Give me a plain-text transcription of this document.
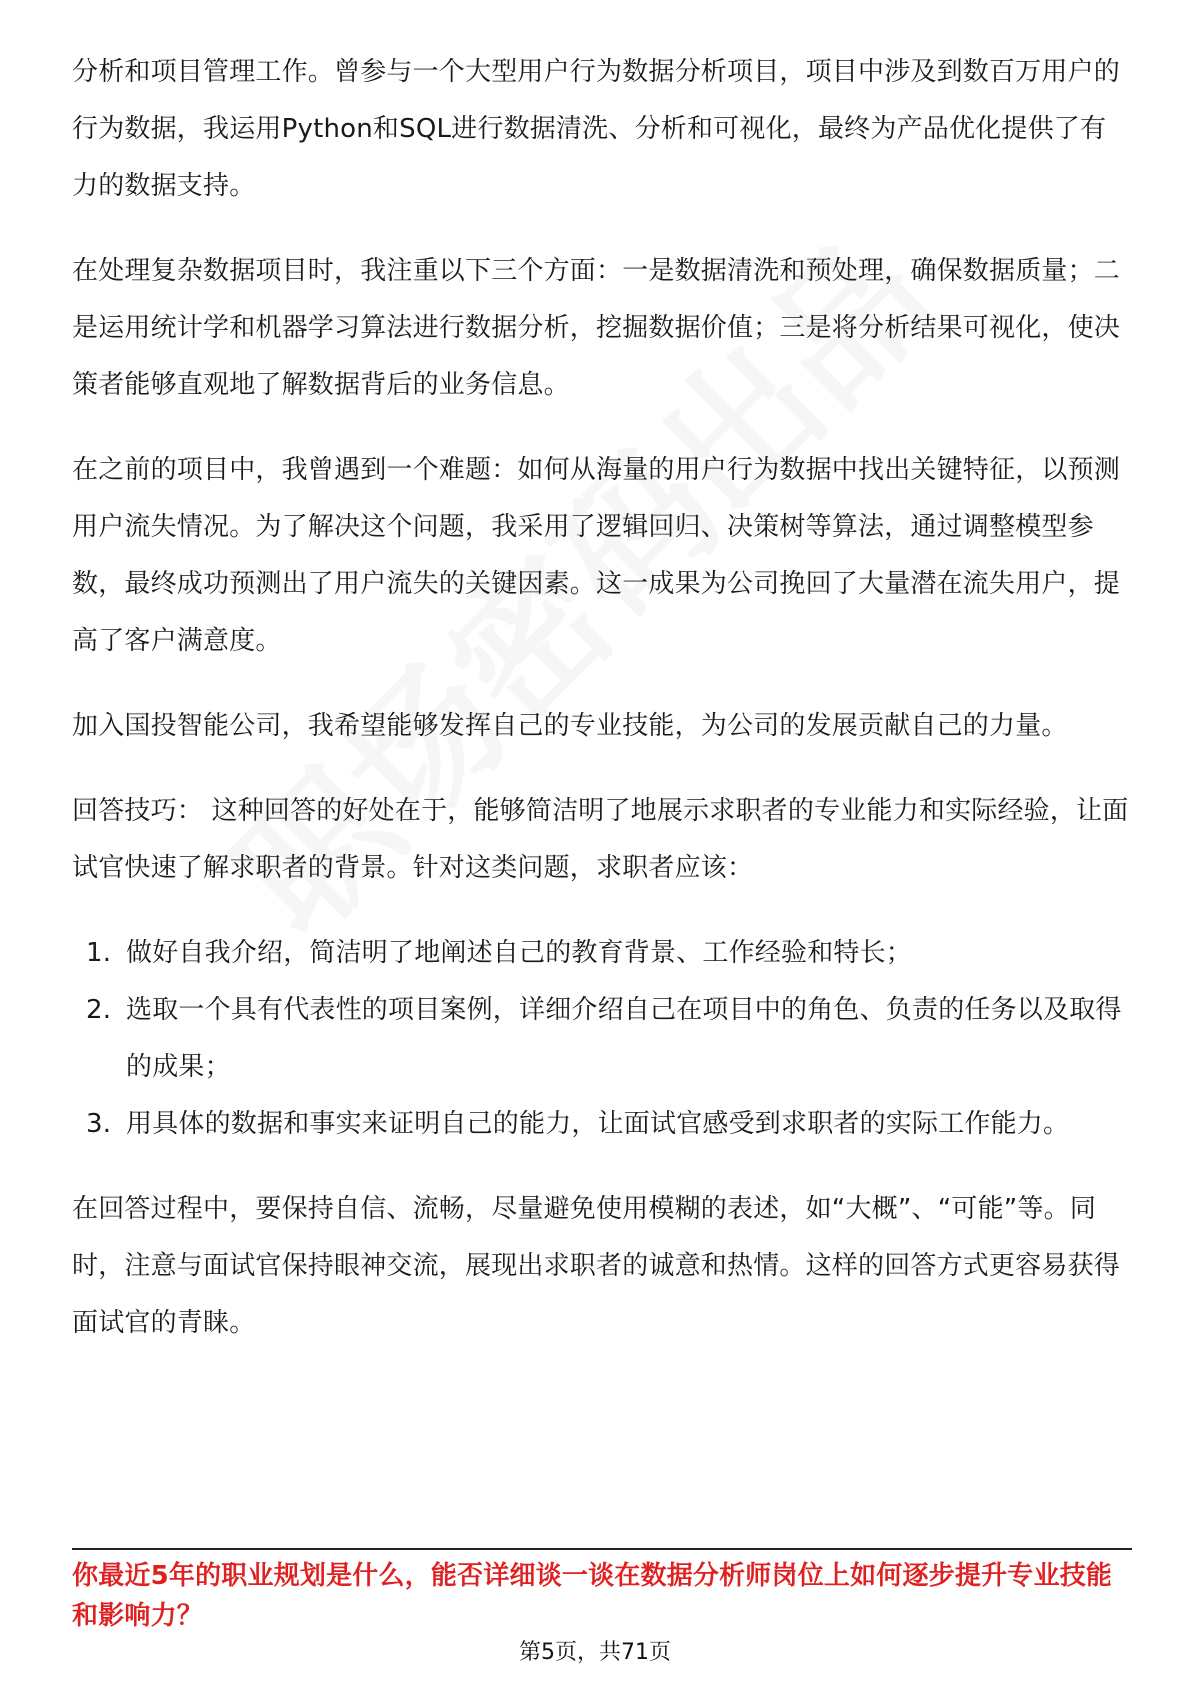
分析和项目管理工作。曾参与一个大型用户行为数据分析项目，项目中涉及到数百万用户的行为数据，我运用Python和SQL进行数据清洗、分析和可视化，最终为产品优化提供了有力的数据支持。

在处理复杂数据项目时，我注重以下三个方面：一是数据清洗和预处理，确保数据质量；二是运用统计学和机器学习算法进行数据分析，挖掘数据价值；三是将分析结果可视化，使决策者能够直观地了解数据背后的业务信息。

在之前的项目中，我曾遇到一个难题：如何从海量的用户行为数据中找出关键特征，以预测用户流失情况。为了解决这个问题，我采用了逻辑回归、决策树等算法，通过调整模型参数，最终成功预测出了用户流失的关键因素。这一成果为公司挽回了大量潜在流失用户，提高了客户满意度。

加入国投智能公司，我希望能够发挥自己的专业技能，为公司的发展贡献自己的力量。

回答技巧： 这种回答的好处在于，能够简洁明了地展示求职者的专业能力和实际经验，让面试官快速了解求职者的背景。针对这类问题，求职者应该：

1. 做好自我介绍，简洁明了地阐述自己的教育背景、工作经验和特长；
2. 选取一个具有代表性的项目案例，详细介绍自己在项目中的角色、负责的任务以及取得的成果；
3. 用具体的数据和事实来证明自己的能力，让面试官感受到求职者的实际工作能力。

在回答过程中，要保持自信、流畅，尽量避免使用模糊的表述，如“大概”、“可能”等。同时，注意与面试官保持眼神交流，展现出求职者的诚意和热情。这样的回答方式更容易获得面试官的青睐。

你最近5年的职业规划是什么，能否详细谈一谈在数据分析师岗位上如何逐步提升专业技能和影响力？
第5页，共71页
